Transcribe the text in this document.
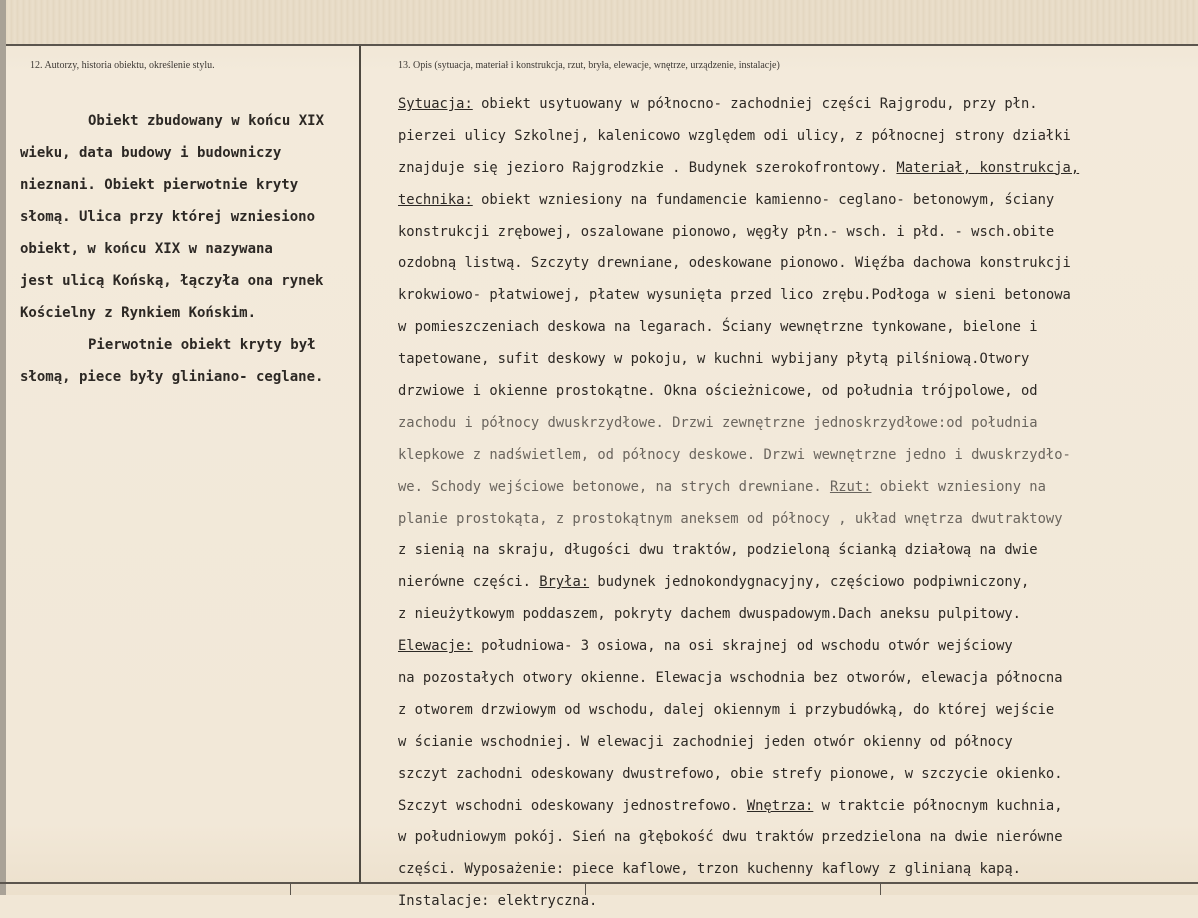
12. Autorzy, historia obiektu, określenie stylu.	13. Opis (sytuacja, materiał i konstrukcja, rzut, bryła, elewacje, wnętrze, urządzenie, instalacje)
Obiekt zbudowany w końcu XIX
wieku, data budowy i budowniczy
nieznani. Obiekt pierwotnie kryty
słomą. Ulica przy której wzniesiono
obiekt, w końcu XIX w nazywana
jest ulicą Końską, łączyła ona rynek
Kościelny z Rynkiem Końskim.
Pierwotnie obiekt kryty był
słomą, piece były gliniano- ceglane.
Sytuacja: obiekt usytuowany w północno- zachodniej części Rajgrodu, przy płn.
pierzei ulicy Szkolnej, kalenicowo względem odi ulicy, z północnej strony działki
znajduje się jezioro Rajgrodzkie . Budynek szerokofrontowy. Materiał, konstrukcja,
technika: obiekt wzniesiony na fundamencie kamienno- ceglano- betonowym, ściany
konstrukcji zrębowej, oszalowane pionowo, węgły płn.- wsch. i płd. - wsch.obite
ozdobną listwą. Szczyty drewniane, odeskowane pionowo. Więźba dachowa konstrukcji
krokwiowo- płatwiowej, płatew wysunięta przed lico zrębu.Podłoga w sieni betonowa
w pomieszczeniach deskowa na legarach. Ściany wewnętrzne tynkowane, bielone i
tapetowane, sufit deskowy w pokoju, w kuchni wybijany płytą pilśniową.Otwory
drzwiowe i okienne prostokątne. Okna ościeżnicowe, od południa trójpolowe, od
zachodu i północy dwuskrzydłowe. Drzwi zewnętrzne jednoskrzydłowe:od południa
klepkowe z nadświetlem, od północy deskowe. Drzwi wewnętrzne jedno i dwuskrzydło-
we. Schody wejściowe betonowe, na strych drewniane. Rzut: obiekt wzniesiony na
planie prostokąta, z prostokątnym aneksem od północy , układ wnętrza dwutraktowy
z sienią na skraju, długości dwu traktów, podzieloną ścianką działową na dwie
nierówne części. Bryła: budynek jednokondygnacyjny, częściowo podpiwniczony,
z nieużytkowym poddaszem, pokryty dachem dwuspadowym.Dach aneksu pulpitowy.
Elewacje: południowa- 3 osiowa, na osi skrajnej od wschodu otwór wejściowy
na pozostałych otwory okienne. Elewacja wschodnia bez otworów, elewacja północna
z otworem drzwiowym od wschodu, dalej okiennym i przybudówką, do której wejście
w ścianie wschodniej. W elewacji zachodniej jeden otwór okienny od północy
szczyt zachodni odeskowany dwustrefowo, obie strefy pionowe, w szczycie okienko.
Szczyt wschodni odeskowany jednostrefowo. Wnętrza: w traktcie północnym kuchnia,
w południowym pokój. Sień na głębokość dwu traktów przedzielona na dwie nierówne
części. Wyposażenie: piece kaflowe, trzon kuchenny kaflowy z glinianą kapą.
Instalacje: elektryczna.
